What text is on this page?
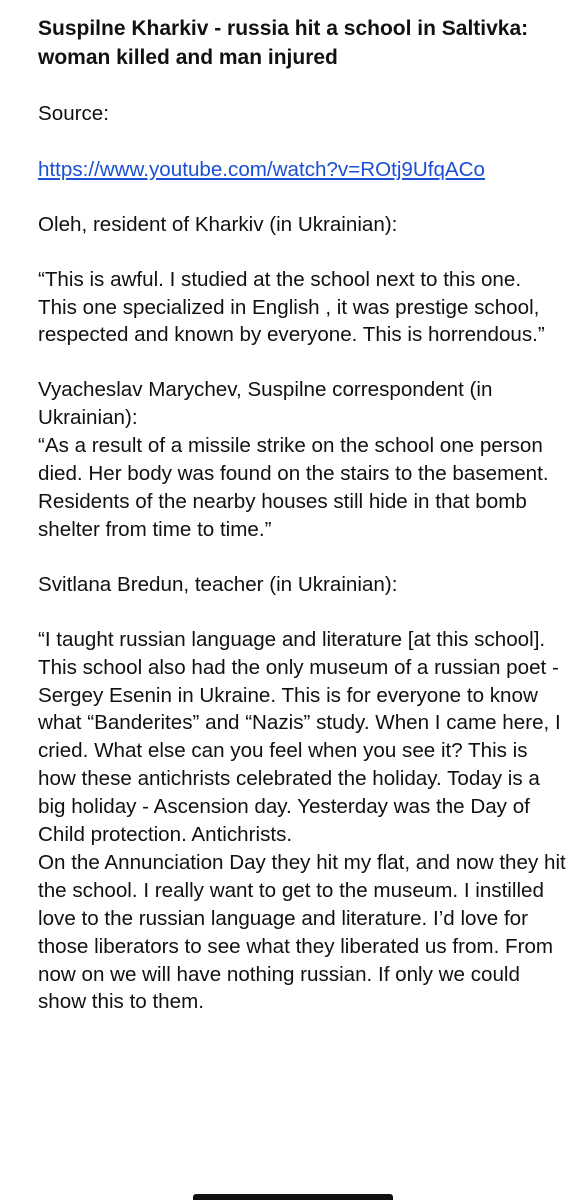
Suspilne Kharkiv - russia hit a school in Saltivka: woman killed and man injured

Source:

https://www.youtube.com/watch?v=ROtj9UfqACo

Oleh, resident of Kharkiv (in Ukrainian):

“This is awful. I studied at the school next to this one.
This one specialized in English , it was prestige school, respected and known by everyone. This is horrendous.”

Vyacheslav Marychev, Suspilne correspondent (in Ukrainian):

“As a result of a missile strike on the school one person died. Her body was found on the stairs to the basement. Residents of the nearby houses still hide in that bomb shelter from time to time.”

Svitlana Bredun, teacher (in Ukrainian):

“I taught russian language and literature [at this school]. This school also had the only museum of a russian poet - Sergey Esenin in Ukraine. This is for everyone to know what “Banderites” and “Nazis” study. When I came here, I cried. What else can you feel when you see it? This is how these antichrists celebrated the holiday. Today is a big holiday - Ascension day. Yesterday was the Day of Child protection. Antichrists.
On the Annunciation Day they hit my flat, and now they hit the school. I really want to get to the museum. I instilled love to the russian language and literature. I’d love for those liberators to see what they liberated us from. From now on we will have nothing russian. If only we could show this to them.
